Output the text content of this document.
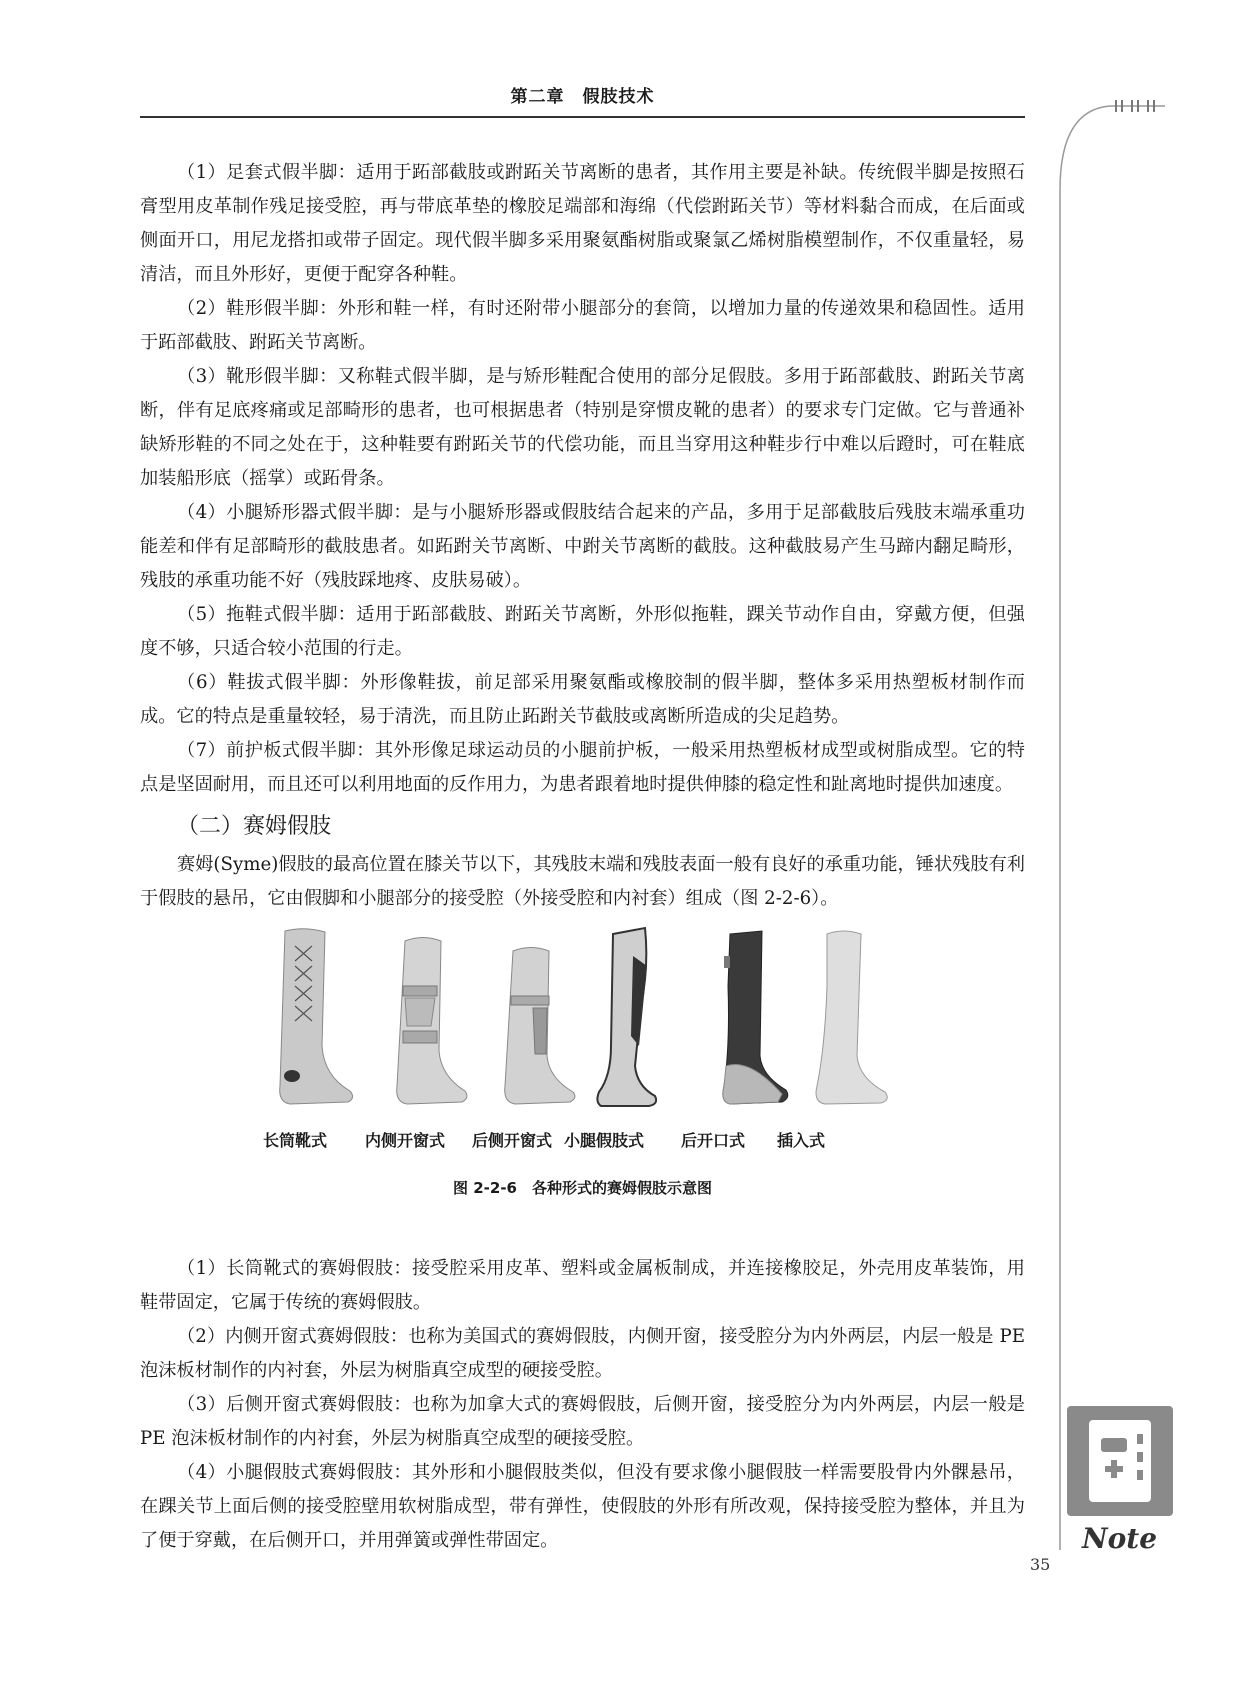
第二章　假肢技术

（1）足套式假半脚：适用于跖部截肢或跗跖关节离断的患者，其作用主要是补缺。传统假半脚是按照石膏型用皮革制作残足接受腔，再与带底革垫的橡胶足端部和海绵（代偿跗跖关节）等材料黏合而成，在后面或侧面开口，用尼龙搭扣或带子固定。现代假半脚多采用聚氨酯树脂或聚氯乙烯树脂模塑制作，不仅重量轻，易清洁，而且外形好，更便于配穿各种鞋。

（2）鞋形假半脚：外形和鞋一样，有时还附带小腿部分的套筒，以增加力量的传递效果和稳固性。适用于跖部截肢、跗跖关节离断。

（3）靴形假半脚：又称鞋式假半脚，是与矫形鞋配合使用的部分足假肢。多用于跖部截肢、跗跖关节离断，伴有足底疼痛或足部畸形的患者，也可根据患者（特别是穿惯皮靴的患者）的要求专门定做。它与普通补缺矫形鞋的不同之处在于，这种鞋要有跗跖关节的代偿功能，而且当穿用这种鞋步行中难以后蹬时，可在鞋底加装船形底（摇掌）或跖骨条。

（4）小腿矫形器式假半脚：是与小腿矫形器或假肢结合起来的产品，多用于足部截肢后残肢末端承重功能差和伴有足部畸形的截肢患者。如跖跗关节离断、中跗关节离断的截肢。这种截肢易产生马蹄内翻足畸形，残肢的承重功能不好（残肢踩地疼、皮肤易破）。

（5）拖鞋式假半脚：适用于跖部截肢、跗跖关节离断，外形似拖鞋，踝关节动作自由，穿戴方便，但强度不够，只适合较小范围的行走。

（6）鞋拔式假半脚：外形像鞋拔，前足部采用聚氨酯或橡胶制的假半脚，整体多采用热塑板材制作而成。它的特点是重量较轻，易于清洗，而且防止跖跗关节截肢或离断所造成的尖足趋势。

（7）前护板式假半脚：其外形像足球运动员的小腿前护板，一般采用热塑板材成型或树脂成型。它的特点是坚固耐用，而且还可以利用地面的反作用力，为患者跟着地时提供伸膝的稳定性和趾离地时提供加速度。

（二）赛姆假肢

赛姆(Syme)假肢的最高位置在膝关节以下，其残肢末端和残肢表面一般有良好的承重功能，锤状残肢有利于假肢的悬吊，它由假脚和小腿部分的接受腔（外接受腔和内衬套）组成（图 2-2-6）。

长筒靴式 内侧开窗式 后侧开窗式 小腿假肢式 后开口式 插入式
图 2-2-6　各种形式的赛姆假肢示意图

（1）长筒靴式的赛姆假肢：接受腔采用皮革、塑料或金属板制成，并连接橡胶足，外壳用皮革装饰，用鞋带固定，它属于传统的赛姆假肢。

（2）内侧开窗式赛姆假肢：也称为美国式的赛姆假肢，内侧开窗，接受腔分为内外两层，内层一般是 PE 泡沫板材制作的内衬套，外层为树脂真空成型的硬接受腔。

（3）后侧开窗式赛姆假肢：也称为加拿大式的赛姆假肢，后侧开窗，接受腔分为内外两层，内层一般是 PE 泡沫板材制作的内衬套，外层为树脂真空成型的硬接受腔。

（4）小腿假肢式赛姆假肢：其外形和小腿假肢类似，但没有要求像小腿假肢一样需要股骨内外髁悬吊，在踝关节上面后侧的接受腔壁用软树脂成型，带有弹性，使假肢的外形有所改观，保持接受腔为整体，并且为了便于穿戴，在后侧开口，并用弹簧或弹性带固定。	Note
35
